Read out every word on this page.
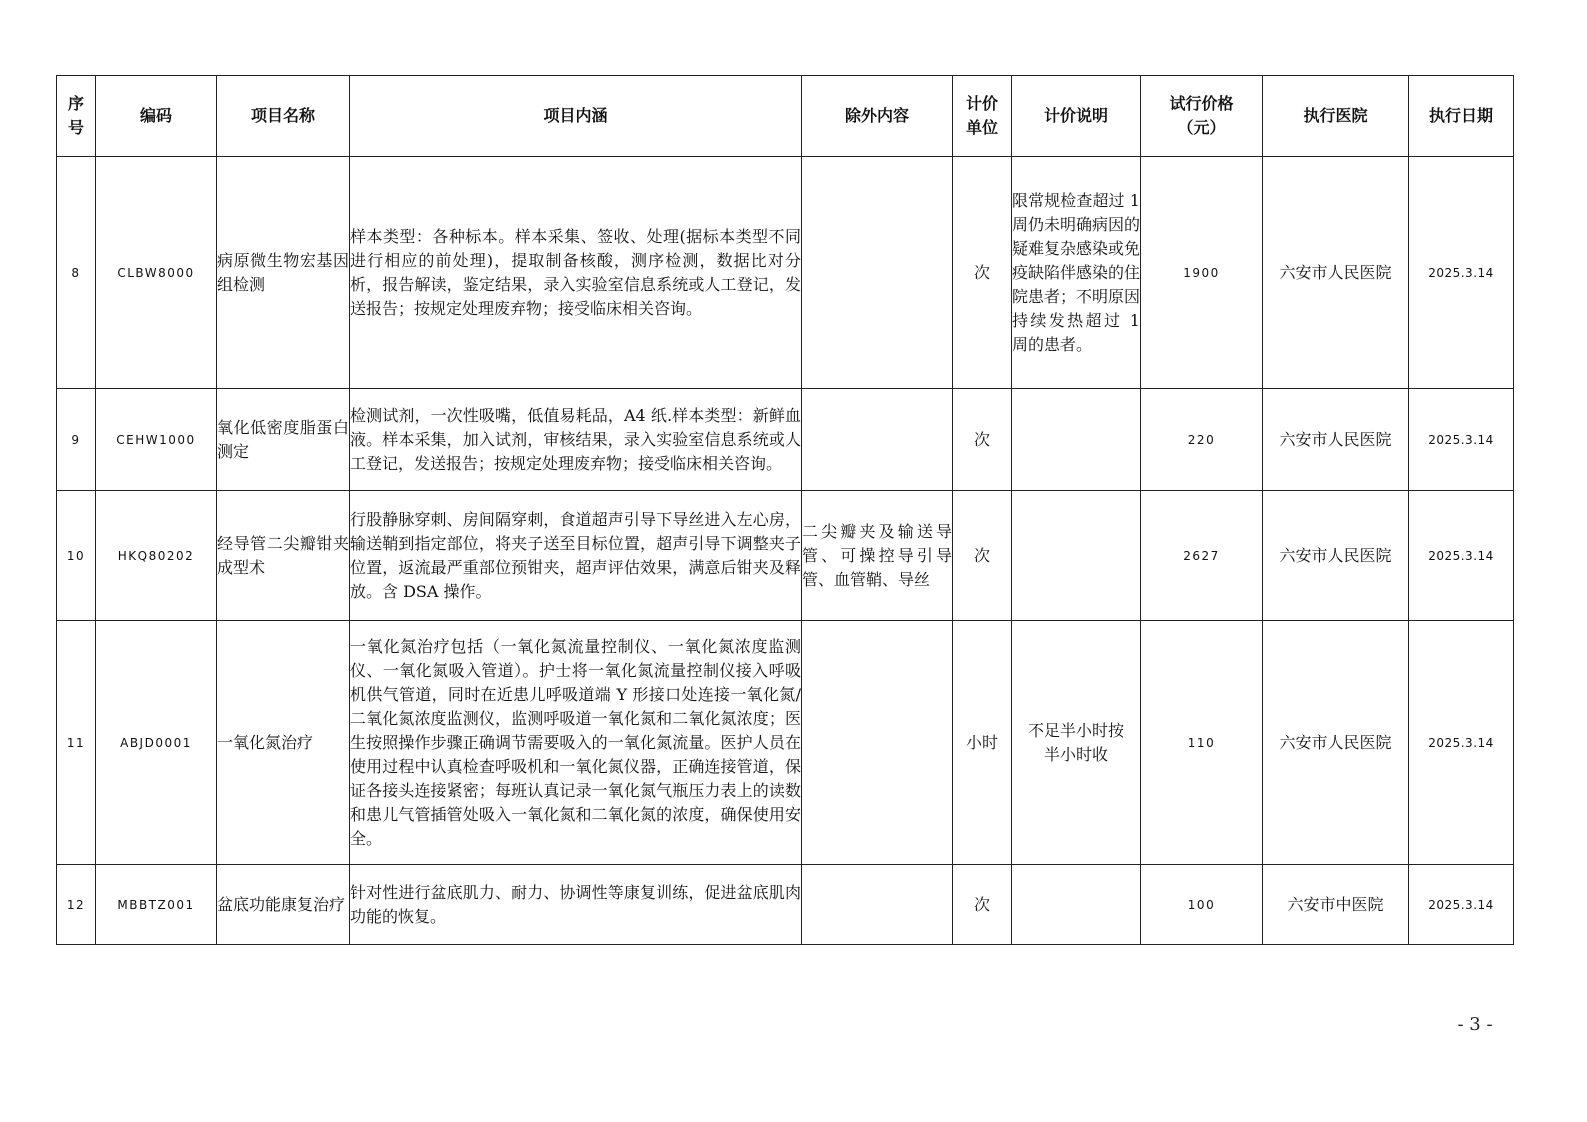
序号	编码	项目名称	项目内涵	除外内容	计价单位	计价说明	试行价格（元）	执行医院	执行日期
8	CLBW8000	病原微生物宏基因组检测	样本类型：各种标本。样本采集、签收、处理(据标本类型不同进行相应的前处理)，提取制备核酸，测序检测，数据比对分析，报告解读，鉴定结果，录入实验室信息系统或人工登记，发送报告；按规定处理废弃物；接受临床相关咨询。		次	限常规检查超过 1 周仍未明确病因的疑难复杂感染或免疫缺陷伴感染的住院患者；不明原因持续发热超过 1 周的患者。	1900	六安市人民医院	2025.3.14
9	CEHW1000	氧化低密度脂蛋白测定	检测试剂，一次性吸嘴，低值易耗品，A4 纸.样本类型：新鲜血液。样本采集，加入试剂，审核结果，录入实验室信息系统或人工登记，发送报告；按规定处理废弃物；接受临床相关咨询。		次		220	六安市人民医院	2025.3.14
10	HKQ80202	经导管二尖瓣钳夹成型术	行股静脉穿刺、房间隔穿刺，食道超声引导下导丝进入左心房，输送鞘到指定部位，将夹子送至目标位置，超声引导下调整夹子位置，返流最严重部位预钳夹，超声评估效果，满意后钳夹及释放。含 DSA 操作。	二尖瓣夹及输送导管、可操控导引导管、血管鞘、导丝	次		2627	六安市人民医院	2025.3.14
11	ABJD0001	一氧化氮治疗	一氧化氮治疗包括（一氧化氮流量控制仪、一氧化氮浓度监测仪、一氧化氮吸入管道）。护士将一氧化氮流量控制仪接入呼吸机供气管道，同时在近患儿呼吸道端 Y 形接口处连接一氧化氮/二氧化氮浓度监测仪，监测呼吸道一氧化氮和二氧化氮浓度；医生按照操作步骤正确调节需要吸入的一氧化氮流量。医护人员在使用过程中认真检查呼吸机和一氧化氮仪器，正确连接管道，保证各接头连接紧密；每班认真记录一氧化氮气瓶压力表上的读数和患儿气管插管处吸入一氧化氮和二氧化氮的浓度，确保使用安全。		小时	不足半小时按半小时收	110	六安市人民医院	2025.3.14
12	MBBTZ001	盆底功能康复治疗	针对性进行盆底肌力、耐力、协调性等康复训练，促进盆底肌肉功能的恢复。		次		100	六安市中医院	2025.3.14
- 3 -
